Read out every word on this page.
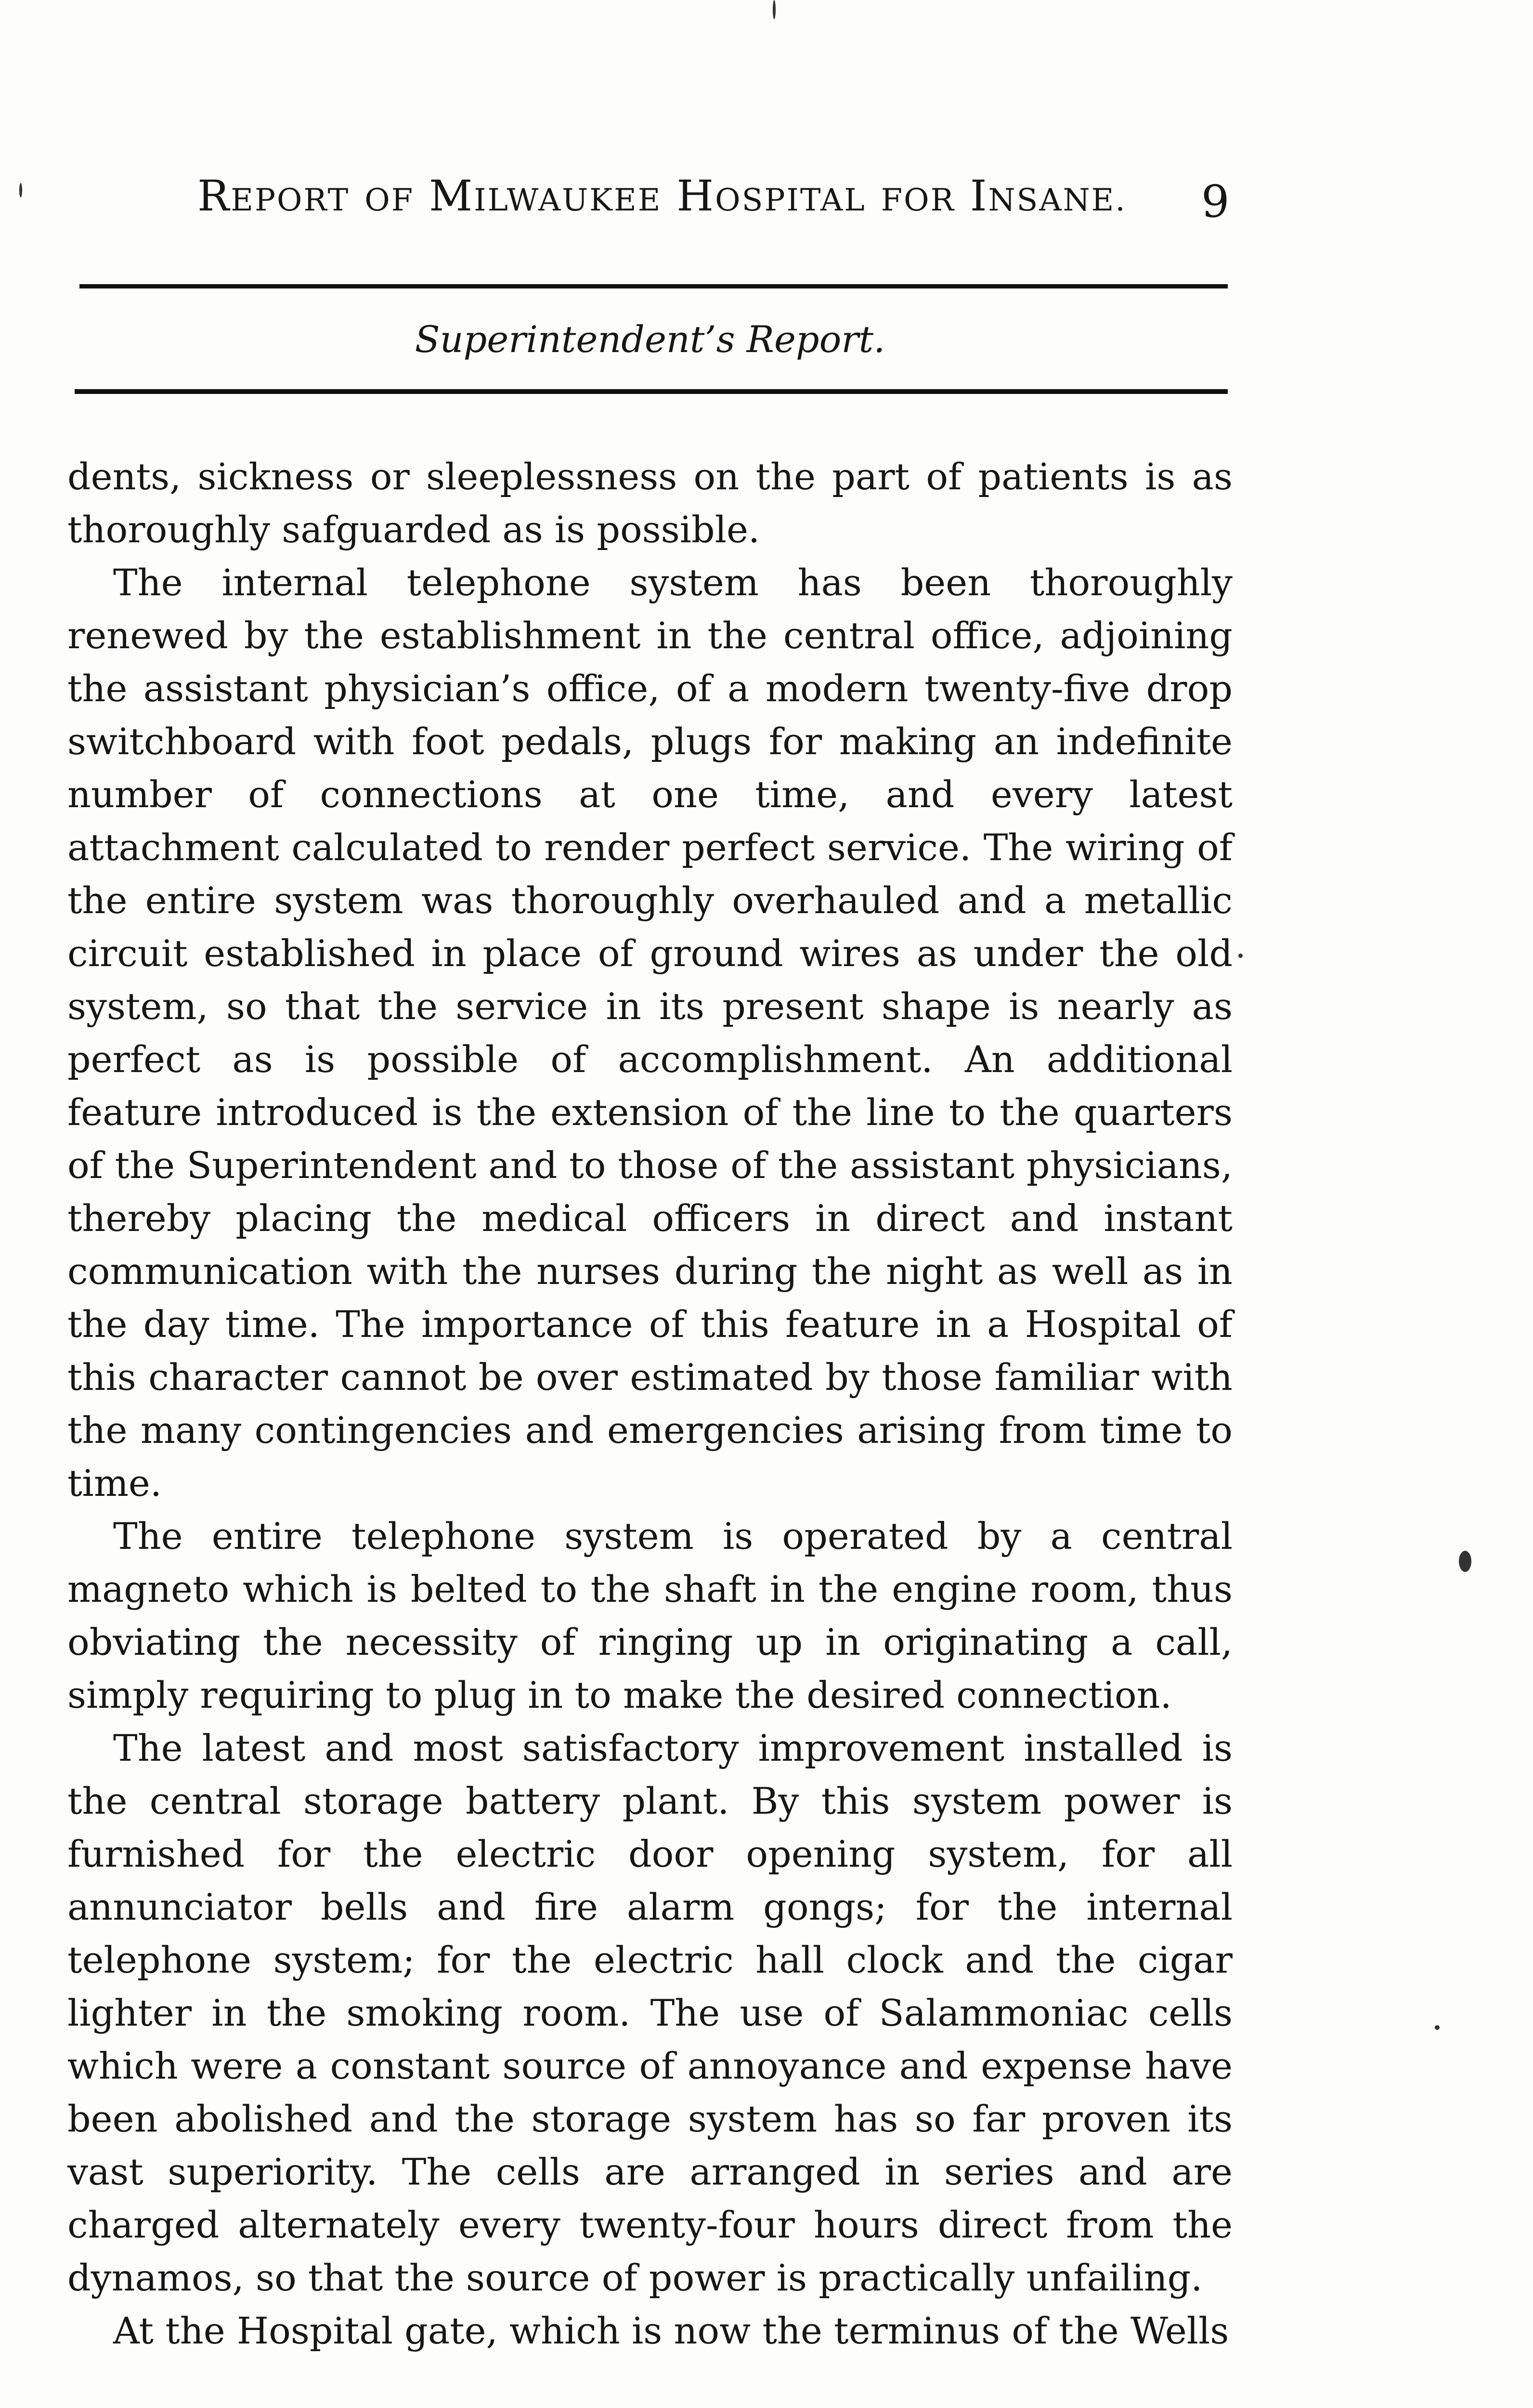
REPORT OF MILWAUKEE HOSPITAL FOR INSANE.	9
Superintendent’s Report.

dents, sickness or sleeplessness on the part of patients is as thoroughly safguarded as is possible.

The internal telephone system has been thoroughly renewed by the establishment in the central office, adjoining the assistant physician’s office, of a modern twenty-five drop switchboard with foot pedals, plugs for making an indefinite number of connections at one time, and every latest attachment calculated to render perfect service. The wiring of the entire system was thoroughly overhauled and a metallic circuit established in place of ground wires as under the old system, so that the service in its present shape is nearly as perfect as is possible of accomplishment. An additional feature introduced is the extension of the line to the quarters of the Superintendent and to those of the assistant physicians, thereby placing the medical officers in direct and instant communication with the nurses during the night as well as in the day time. The importance of this feature in a Hospital of this character cannot be over estimated by those familiar with the many contingencies and emergencies arising from time to time.

The entire telephone system is operated by a central magneto which is belted to the shaft in the engine room, thus obviating the necessity of ringing up in originating a call, simply requiring to plug in to make the desired connection.

The latest and most satisfactory improvement installed is the central storage battery plant. By this system power is furnished for the electric door opening system, for all annunciator bells and fire alarm gongs; for the internal telephone system; for the electric hall clock and the cigar lighter in the smoking room. The use of Salammoniac cells which were a constant source of annoyance and expense have been abolished and the storage system has so far proven its vast superiority. The cells are arranged in series and are charged alternately every twenty-four hours direct from the dynamos, so that the source of power is practically unfailing.

At the Hospital gate, which is now the terminus of the Wells
